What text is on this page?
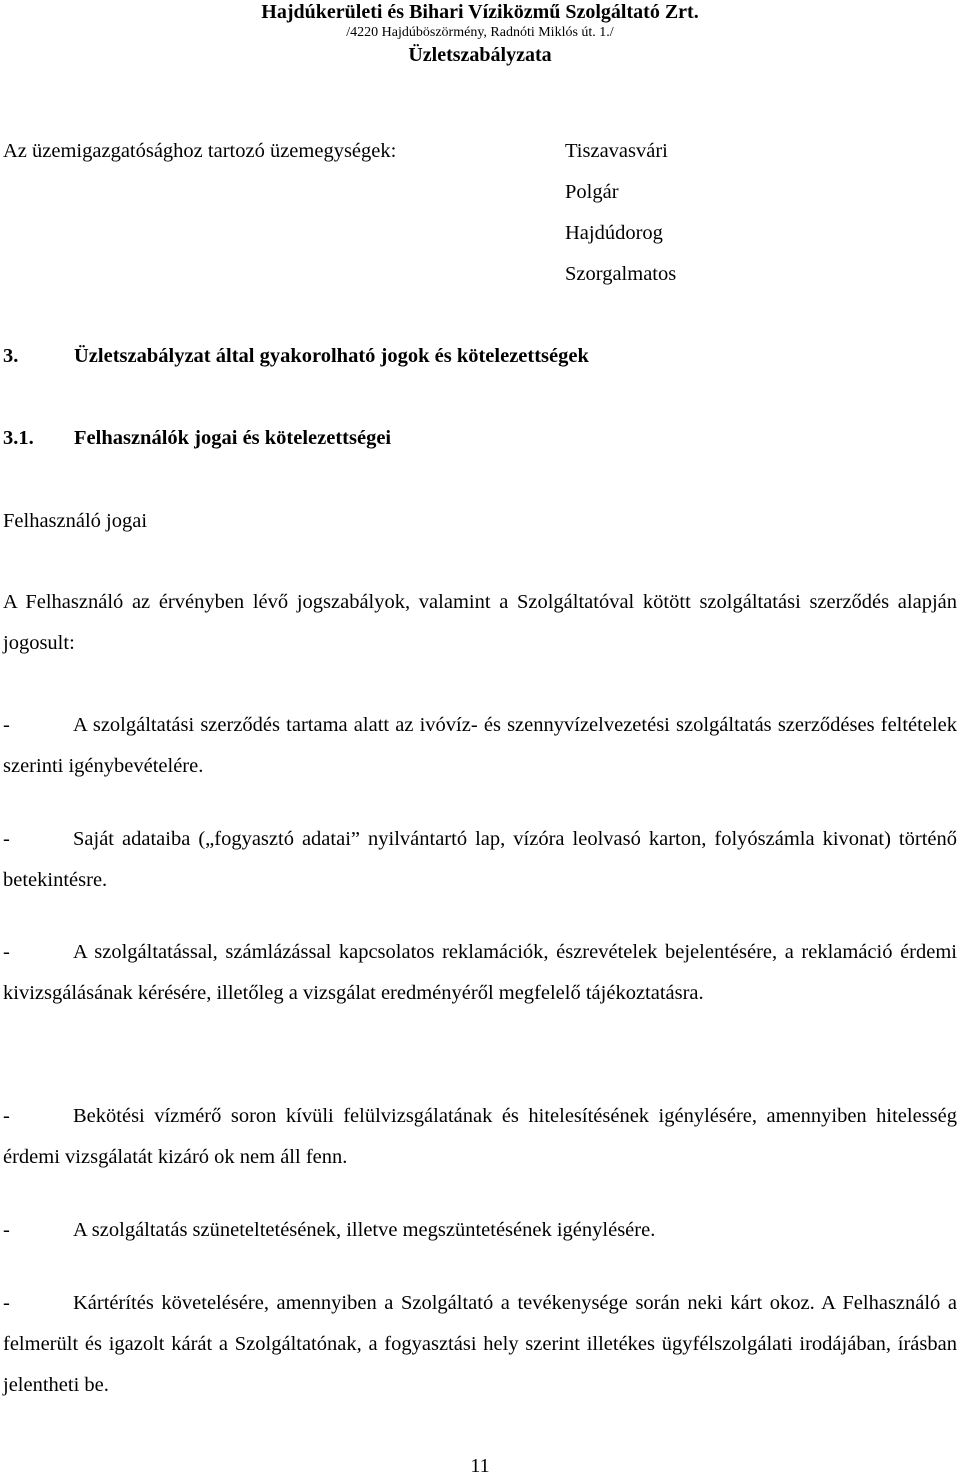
Hajdúkerületi és Bihari Víziközmű Szolgáltató Zrt.
/4220 Hajdúböszörmény, Radnóti Miklós út. 1./
Üzletszabályzata
Az üzemigazgatósághoz tartozó üzemegységek:	Tiszavasvári
Polgár
Hajdúdorog
Szorgalmatos
3.	Üzletszabályzat által gyakorolható jogok és kötelezettségek
3.1. Felhasználók jogai és kötelezettségei
Felhasználó jogai

A Felhasználó az érvényben lévő jogszabályok, valamint a Szolgáltatóval kötött szolgáltatási szerződés alapján jogosult:

-	A szolgáltatási szerződés tartama alatt az ivóvíz- és szennyvízelvezetési szolgáltatás szerződéses feltételek szerinti igénybevételére.

-	Saját adataiba („fogyasztó adatai” nyilvántartó lap, vízóra leolvasó karton, folyószámla kivonat) történő betekintésre.

-	A szolgáltatással, számlázással kapcsolatos reklamációk, észrevételek bejelentésére, a reklamáció érdemi kivizsgálásának kérésére, illetőleg a vizsgálat eredményéről megfelelő tájékoztatásra.

-	Bekötési vízmérő soron kívüli felülvizsgálatának és hitelesítésének igénylésére, amennyiben hitelesség érdemi vizsgálatát kizáró ok nem áll fenn.

-	A szolgáltatás szüneteltetésének, illetve megszüntetésének igénylésére.

-	Kártérítés követelésére, amennyiben a Szolgáltató a tevékenysége során neki kárt okoz. A Felhasználó a felmerült és igazolt kárát a Szolgáltatónak, a fogyasztási hely szerint illetékes ügyfélszolgálati irodájában, írásban jelentheti be.

11
